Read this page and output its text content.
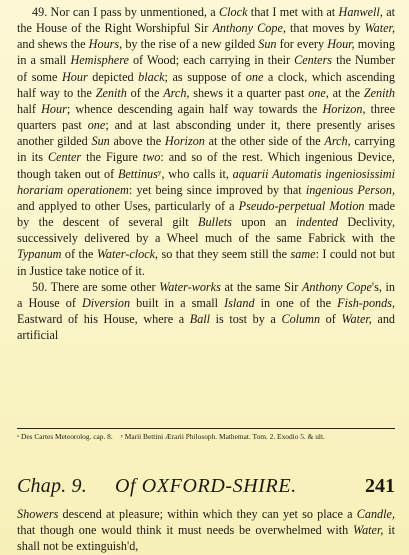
49. Nor can I pass by unmentioned, a Clock that I met with at Hanwell, at the House of the Right Worshipful Sir Anthony Cope, that moves by Water, and shews the Hours, by the rise of a new gilded Sun for every Hour, moving in a small Hemisphere of Wood; each carrying in their Centers the Number of some Hour depicted black; as suppose of one a clock, which ascending half way to the Zenith of the Arch, shews it a quarter past one, at the Zenith half Hour; whence descending again half way towards the Horizon, three quarters past one; and at last absconding under it, there presently arises another gilded Sun above the Horizon at the other side of the Arch, carrying in its Center the Figure two: and so of the rest. Which ingenious Device, though taken out of Bettinusʸ, who calls it, aquarii Automatis ingeniosissimi horariam operationem: yet being since improved by that ingenious Person, and applyed to other Uses, particularly of a Pseudo-perpetual Motion made by the descent of several gilt Bullets upon an indented Declivity, successively delivered by a Wheel much of the same Fabrick with the Typanum of the Water-clock, so that they seem still the same: I could not but in Justice take notice of it.

50. There are some other Water-works at the same Sir Anthony Cope's, in a House of Diversion built in a small Island in one of the Fish-ponds, Eastward of his House, where a Ball is tost by a Column of Water, and artificial

ˣ Des Cartes Meteorolog. cap. 8. ʸ Marii Bettini Ærarii Philosoph. Mathemat. Tom. 2. Exodio 5. & ult.
Chap. 9. Of OXFORD-SHIRE.	241

Showers descend at pleasure; within which they can yet so place a Candle, that though one would think it must needs be overwhelmed with Water, it shall not be extinguish'd,
